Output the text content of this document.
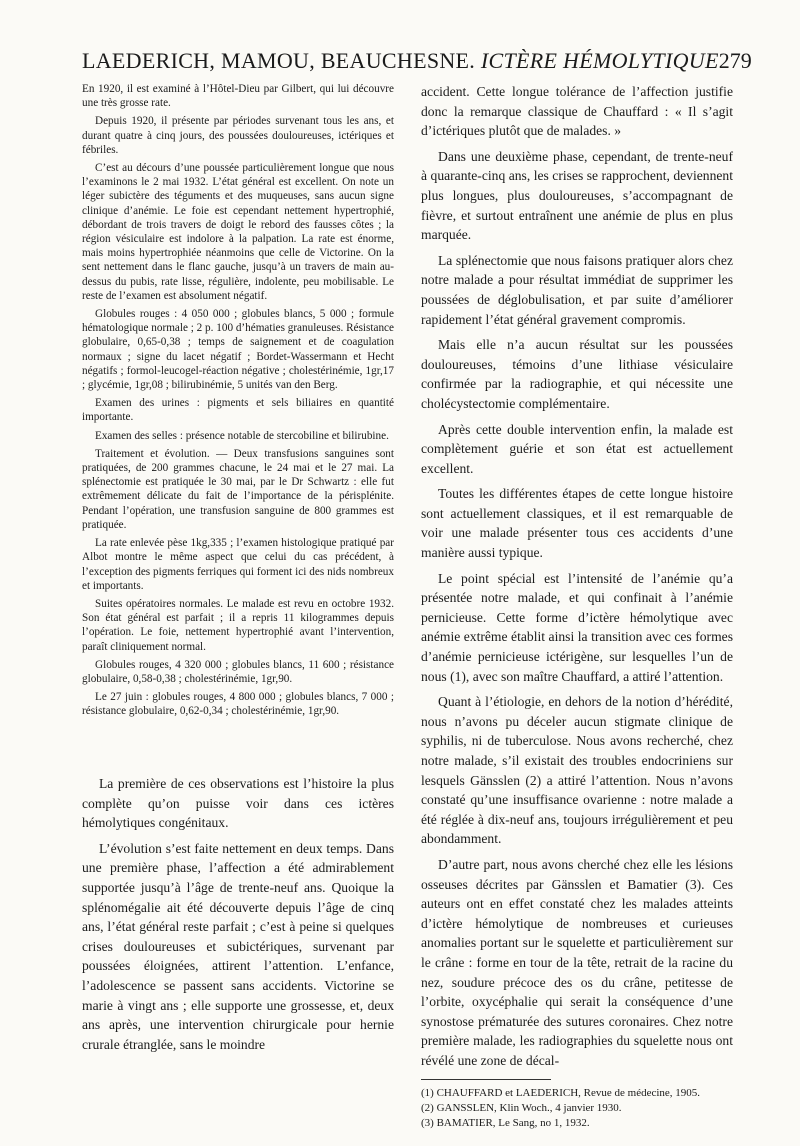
LAEDERICH, MAMOU, BEAUCHESNE. ICTÈRE HÉMOLYTIQUE 279

En 1920, il est examiné à l’Hôtel-Dieu par Gilbert, qui lui découvre une très grosse rate.

Depuis 1920, il présente par périodes survenant tous les ans, et durant quatre à cinq jours, des poussées douloureuses, ictériques et fébriles.

C’est au décours d’une poussée particulièrement longue que nous l’examinons le 2 mai 1932. L’état général est excellent. On note un léger subictère des téguments et des muqueuses, sans aucun signe clinique d’anémie. Le foie est cependant nettement hypertrophié, débordant de trois travers de doigt le rebord des fausses côtes ; la région vésiculaire est indolore à la palpation. La rate est énorme, mais moins hypertrophiée néanmoins que celle de Victorine. On la sent nettement dans le flanc gauche, jusqu’à un travers de main au-dessus du pubis, rate lisse, régulière, indolente, peu mobilisable. Le reste de l’examen est absolument négatif.

Globules rouges : 4 050 000 ; globules blancs, 5 000 ; formule hématologique normale ; 2 p. 100 d’hématies granuleuses. Résistance globulaire, 0,65-0,38 ; temps de saignement et de coagulation normaux ; signe du lacet négatif ; Bordet-Wassermann et Hecht négatifs ; formol-leucogel-réaction négative ; cholestérinémie, 1gr,17 ; glycémie, 1gr,08 ; bilirubinémie, 5 unités van den Berg.

Examen des urines : pigments et sels biliaires en quantité importante.

Examen des selles : présence notable de stercobiline et bilirubine.

Traitement et évolution. — Deux transfusions sanguines sont pratiquées, de 200 grammes chacune, le 24 mai et le 27 mai. La splénectomie est pratiquée le 30 mai, par le Dr Schwartz : elle fut extrêmement délicate du fait de l’importance de la périsplénite. Pendant l’opération, une transfusion sanguine de 800 grammes est pratiquée.

La rate enlevée pèse 1kg,335 ; l’examen histologique pratiqué par Albot montre le même aspect que celui du cas précédent, à l’exception des pigments ferriques qui forment ici des nids nombreux et importants.

Suites opératoires normales. Le malade est revu en octobre 1932. Son état général est parfait ; il a repris 11 kilogrammes depuis l’opération. Le foie, nettement hypertrophié avant l’intervention, paraît cliniquement normal.

Globules rouges, 4 320 000 ; globules blancs, 11 600 ; résistance globulaire, 0,58-0,38 ; cholestérinémie, 1gr,90.

Le 27 juin : globules rouges, 4 800 000 ; globules blancs, 7 000 ; résistance globulaire, 0,62-0,34 ; cholestérinémie, 1gr,90.

La première de ces observations est l’histoire la plus complète qu’on puisse voir dans ces ictères hémolytiques congénitaux.

L’évolution s’est faite nettement en deux temps. Dans une première phase, l’affection a été admirablement supportée jusqu’à l’âge de trente-neuf ans. Quoique la splénomégalie ait été découverte depuis l’âge de cinq ans, l’état général reste parfait ; c’est à peine si quelques crises douloureuses et subictériques, survenant par poussées éloignées, attirent l’attention. L’enfance, l’adolescence se passent sans accidents. Victorine se marie à vingt ans ; elle supporte une grossesse, et, deux ans après, une intervention chirurgicale pour hernie crurale étranglée, sans le moindre

accident. Cette longue tolérance de l’affection justifie donc la remarque classique de Chauffard : « Il s’agit d’ictériques plutôt que de malades. »

Dans une deuxième phase, cependant, de trente-neuf à quarante-cinq ans, les crises se rapprochent, deviennent plus longues, plus douloureuses, s’accompagnant de fièvre, et surtout entraînent une anémie de plus en plus marquée.

La splénectomie que nous faisons pratiquer alors chez notre malade a pour résultat immédiat de supprimer les poussées de déglobulisation, et par suite d’améliorer rapidement l’état général gravement compromis.

Mais elle n’a aucun résultat sur les poussées douloureuses, témoins d’une lithiase vésiculaire confirmée par la radiographie, et qui nécessite une cholécystectomie complémentaire.

Après cette double intervention enfin, la malade est complètement guérie et son état est actuellement excellent.

Toutes les différentes étapes de cette longue histoire sont actuellement classiques, et il est remarquable de voir une malade présenter tous ces accidents d’une manière aussi typique.

Le point spécial est l’intensité de l’anémie qu’a présentée notre malade, et qui confinait à l’anémie pernicieuse. Cette forme d’ictère hémolytique avec anémie extrême établit ainsi la transition avec ces formes d’anémie pernicieuse ictérigène, sur lesquelles l’un de nous (1), avec son maître Chauffard, a attiré l’attention.

Quant à l’étiologie, en dehors de la notion d’hérédité, nous n’avons pu déceler aucun stigmate clinique de syphilis, ni de tuberculose. Nous avons recherché, chez notre malade, s’il existait des troubles endocriniens sur lesquels Gänsslen (2) a attiré l’attention. Nous n’avons constaté qu’une insuffisance ovarienne : notre malade a été réglée à dix-neuf ans, toujours irrégulièrement et peu abondamment.

D’autre part, nous avons cherché chez elle les lésions osseuses décrites par Gänsslen et Bamatier (3). Ces auteurs ont en effet constaté chez les malades atteints d’ictère hémolytique de nombreuses et curieuses anomalies portant sur le squelette et particulièrement sur le crâne : forme en tour de la tête, retrait de la racine du nez, soudure précoce des os du crâne, petitesse de l’orbite, oxycéphalie qui serait la conséquence d’une synostose prématurée des sutures coronaires. Chez notre première malade, les radiographies du squelette nous ont révélé une zone de décal-

(1) CHAUFFARD et LAEDERICH, Revue de médecine, 1905.

(2) GANSSLEN, Klin Woch., 4 janvier 1930.

(3) BAMATIER, Le Sang, no 1, 1932.
